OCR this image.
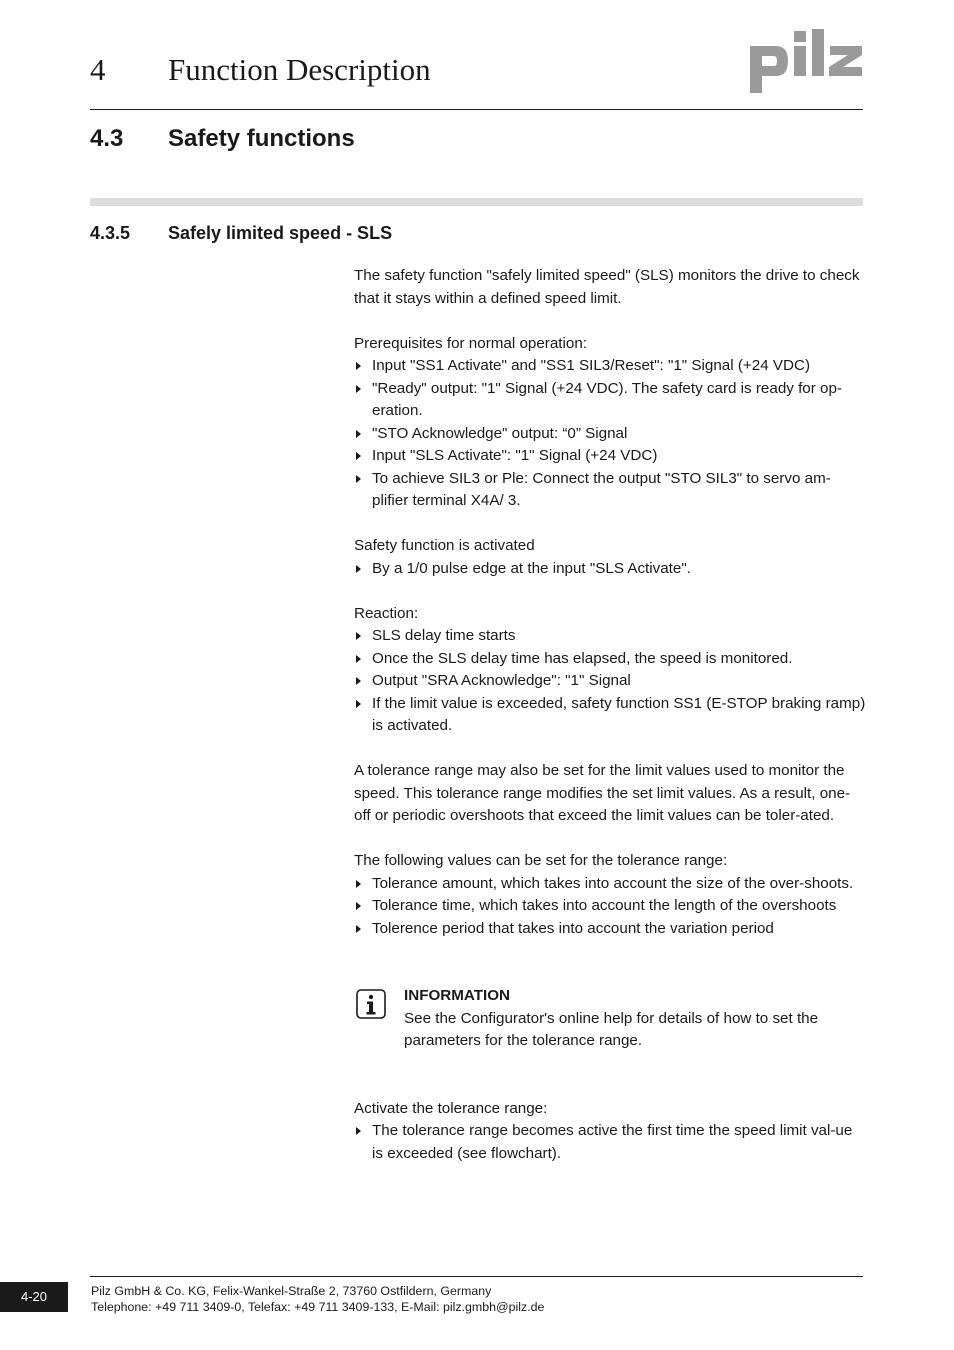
4 Function Description
4.3 Safety functions
4.3.5 Safely limited speed - SLS

The safety function "safely limited speed" (SLS) monitors the drive to check that it stays within a defined speed limit.

Prerequisites for normal operation:

Input "SS1 Activate" and "SS1 SIL3/Reset": "1" Signal (+24 VDC)
"Ready" output: "1" Signal (+24 VDC). The safety card is ready for op-eration.
"STO Acknowledge" output: “0” Signal
Input "SLS Activate": "1" Signal (+24 VDC)
To achieve SIL3 or Ple: Connect the output "STO SIL3" to servo am-plifier terminal X4A/ 3.

Safety function is activated

By a 1/0 pulse edge at the input "SLS Activate".

Reaction:

SLS delay time starts
Once the SLS delay time has elapsed, the speed is monitored.
Output "SRA Acknowledge": "1" Signal
If the limit value is exceeded, safety function SS1 (E-STOP braking ramp) is activated.

A tolerance range may also be set for the limit values used to monitor the speed. This tolerance range modifies the set limit values. As a result, one-off or periodic overshoots that exceed the limit values can be toler-ated.

The following values can be set for the tolerance range:

Tolerance amount, which takes into account the size of the over-shoots.
Tolerance time, which takes into account the length of the overshoots
Tolerence period that takes into account the variation period
INFORMATION
See the Configurator's online help for details of how to set the parameters for the tolerance range.

Activate the tolerance range:

The tolerance range becomes active the first time the speed limit val-ue is exceeded (see flowchart).
4-20	Pilz GmbH & Co. KG, Felix-Wankel-Straße 2, 73760 Ostfildern, Germany
Telephone: +49 711 3409-0, Telefax: +49 711 3409-133, E-Mail: pilz.gmbh@pilz.de
